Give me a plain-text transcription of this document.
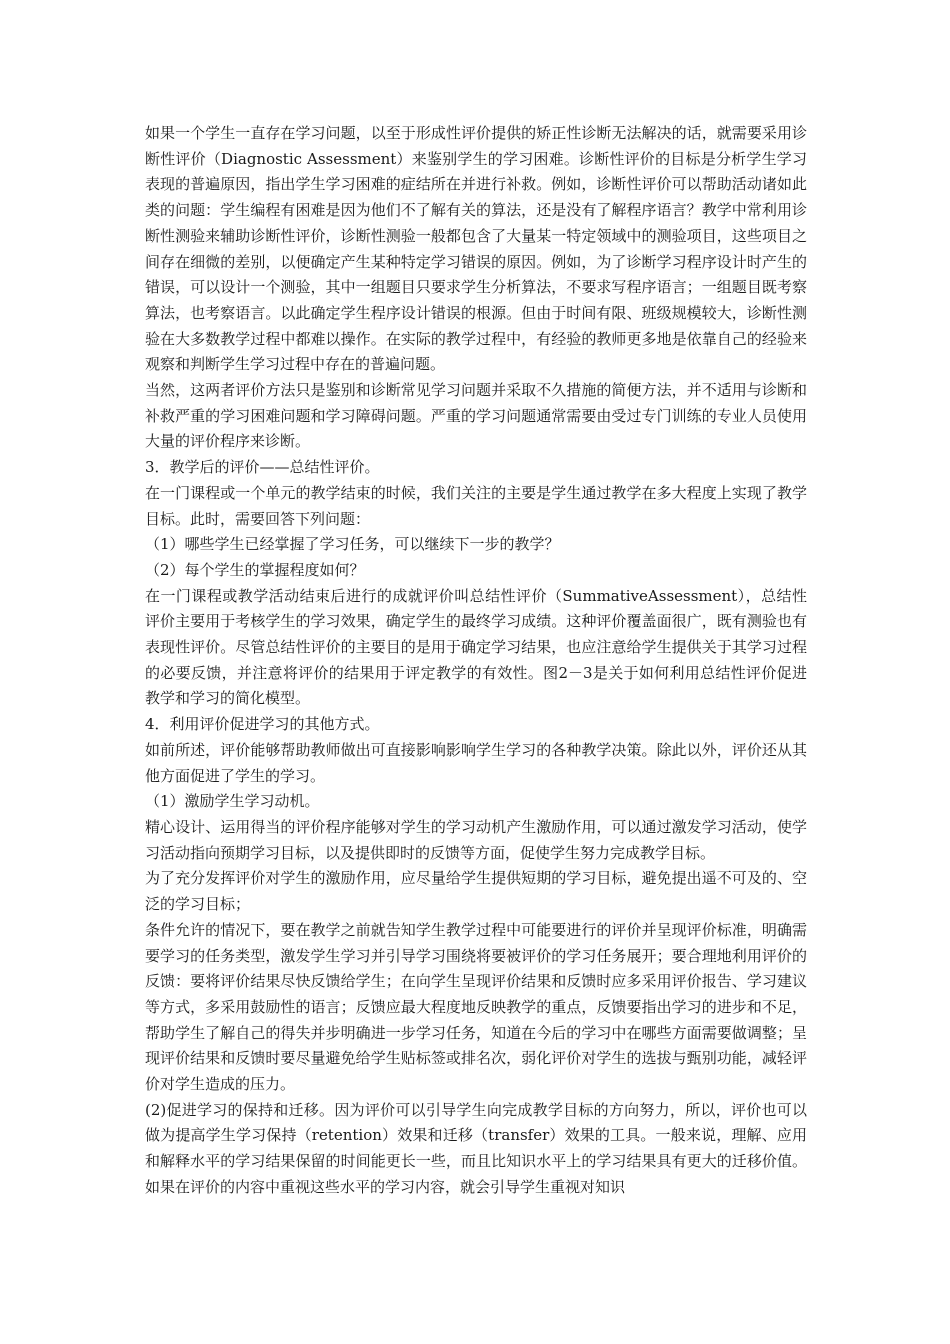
如果一个学生一直存在学习问题，以至于形成性评价提供的矫正性诊断无法解决的话，就需要采用诊断性评价（Diagnostic Assessment）来鉴别学生的学习困难。诊断性评价的目标是分析学生学习表现的普遍原因，指出学生学习困难的症结所在并进行补救。例如，诊断性评价可以帮助活动诸如此类的问题：学生编程有困难是因为他们不了解有关的算法，还是没有了解程序语言？教学中常利用诊断性测验来辅助诊断性评价，诊断性测验一般都包含了大量某一特定领域中的测验项目，这些项目之间存在细微的差别，以便确定产生某种特定学习错误的原因。例如，为了诊断学习程序设计时产生的错误，可以设计一个测验，其中一组题目只要求学生分析算法，不要求写程序语言；一组题目既考察算法，也考察语言。以此确定学生程序设计错误的根源。但由于时间有限、班级规模较大，诊断性测验在大多数教学过程中都难以操作。在实际的教学过程中，有经验的教师更多地是依靠自己的经验来观察和判断学生学习过程中存在的普遍问题。

当然，这两者评价方法只是鉴别和诊断常见学习问题并采取不久措施的简便方法，并不适用与诊断和补救严重的学习困难问题和学习障碍问题。严重的学习问题通常需要由受过专门训练的专业人员使用大量的评价程序来诊断。

3．教学后的评价——总结性评价。

在一门课程或一个单元的教学结束的时候，我们关注的主要是学生通过教学在多大程度上实现了教学目标。此时，需要回答下列问题：

（1）哪些学生已经掌握了学习任务，可以继续下一步的教学？

（2）每个学生的掌握程度如何？

在一门课程或教学活动结束后进行的成就评价叫总结性评价（SummativeAssessment），总结性评价主要用于考核学生的学习效果，确定学生的最终学习成绩。这种评价覆盖面很广，既有测验也有表现性评价。尽管总结性评价的主要目的是用于确定学习结果，也应注意给学生提供关于其学习过程的必要反馈，并注意将评价的结果用于评定教学的有效性。图2－3是关于如何利用总结性评价促进教学和学习的简化模型。

4．利用评价促进学习的其他方式。

如前所述，评价能够帮助教师做出可直接影响影响学生学习的各种教学决策。除此以外，评价还从其他方面促进了学生的学习。

（1）激励学生学习动机。

精心设计、运用得当的评价程序能够对学生的学习动机产生激励作用，可以通过激发学习活动，使学习活动指向预期学习目标，以及提供即时的反馈等方面，促使学生努力完成教学目标。

为了充分发挥评价对学生的激励作用，应尽量给学生提供短期的学习目标，避免提出遥不可及的、空泛的学习目标；

条件允许的情况下，要在教学之前就告知学生教学过程中可能要进行的评价并呈现评价标准，明确需要学习的任务类型，激发学生学习并引导学习围绕将要被评价的学习任务展开；要合理地利用评价的反馈：要将评价结果尽快反馈给学生；在向学生呈现评价结果和反馈时应多采用评价报告、学习建议等方式，多采用鼓励性的语言；反馈应最大程度地反映教学的重点，反馈要指出学习的进步和不足，帮助学生了解自己的得失并步明确进一步学习任务，知道在今后的学习中在哪些方面需要做调整；呈现评价结果和反馈时要尽量避免给学生贴标签或排名次，弱化评价对学生的选拔与甄别功能，减轻评价对学生造成的压力。

(2)促进学习的保持和迁移。因为评价可以引导学生向完成教学目标的方向努力，所以，评价也可以做为提高学生学习保持（retention）效果和迁移（transfer）效果的工具。一般来说，理解、应用和解释水平的学习结果保留的时间能更长一些，而且比知识水平上的学习结果具有更大的迁移价值。如果在评价的内容中重视这些水平的学习内容，就会引导学生重视对知识
